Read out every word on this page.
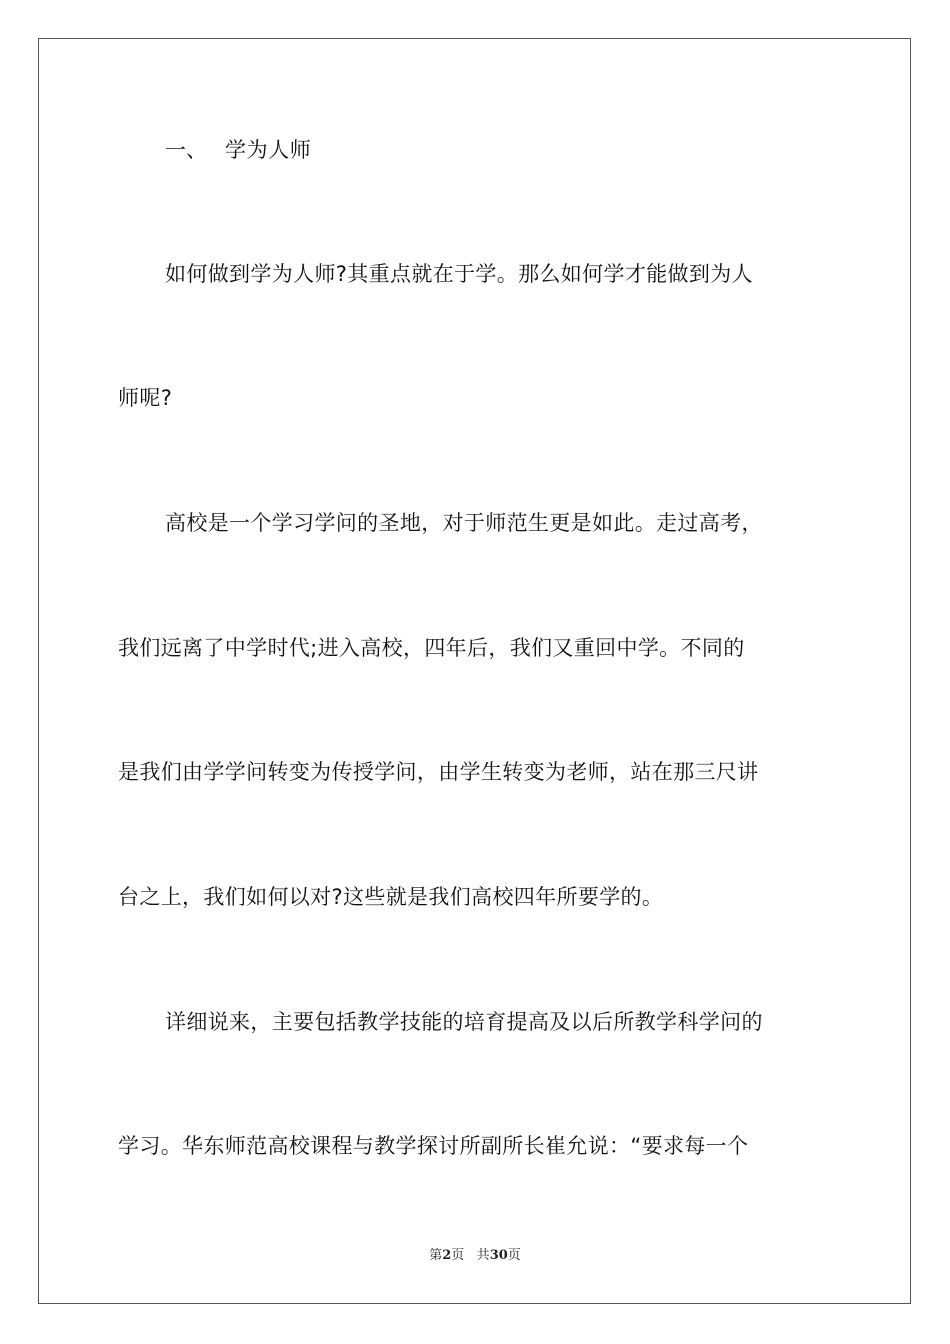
一、 学为人师
如何做到学为人师?其重点就在于学。那么如何学才能做到为人
师呢?
高校是一个学习学问的圣地，对于师范生更是如此。走过高考，
我们远离了中学时代;进入高校，四年后，我们又重回中学。不同的
是我们由学学问转变为传授学问，由学生转变为老师，站在那三尺讲
台之上，我们如何以对?这些就是我们高校四年所要学的。
详细说来，主要包括教学技能的培育提高及以后所教学科学问的
学习。华东师范高校课程与教学探讨所副所长崔允说：“要求每一个
第2页 共30页
